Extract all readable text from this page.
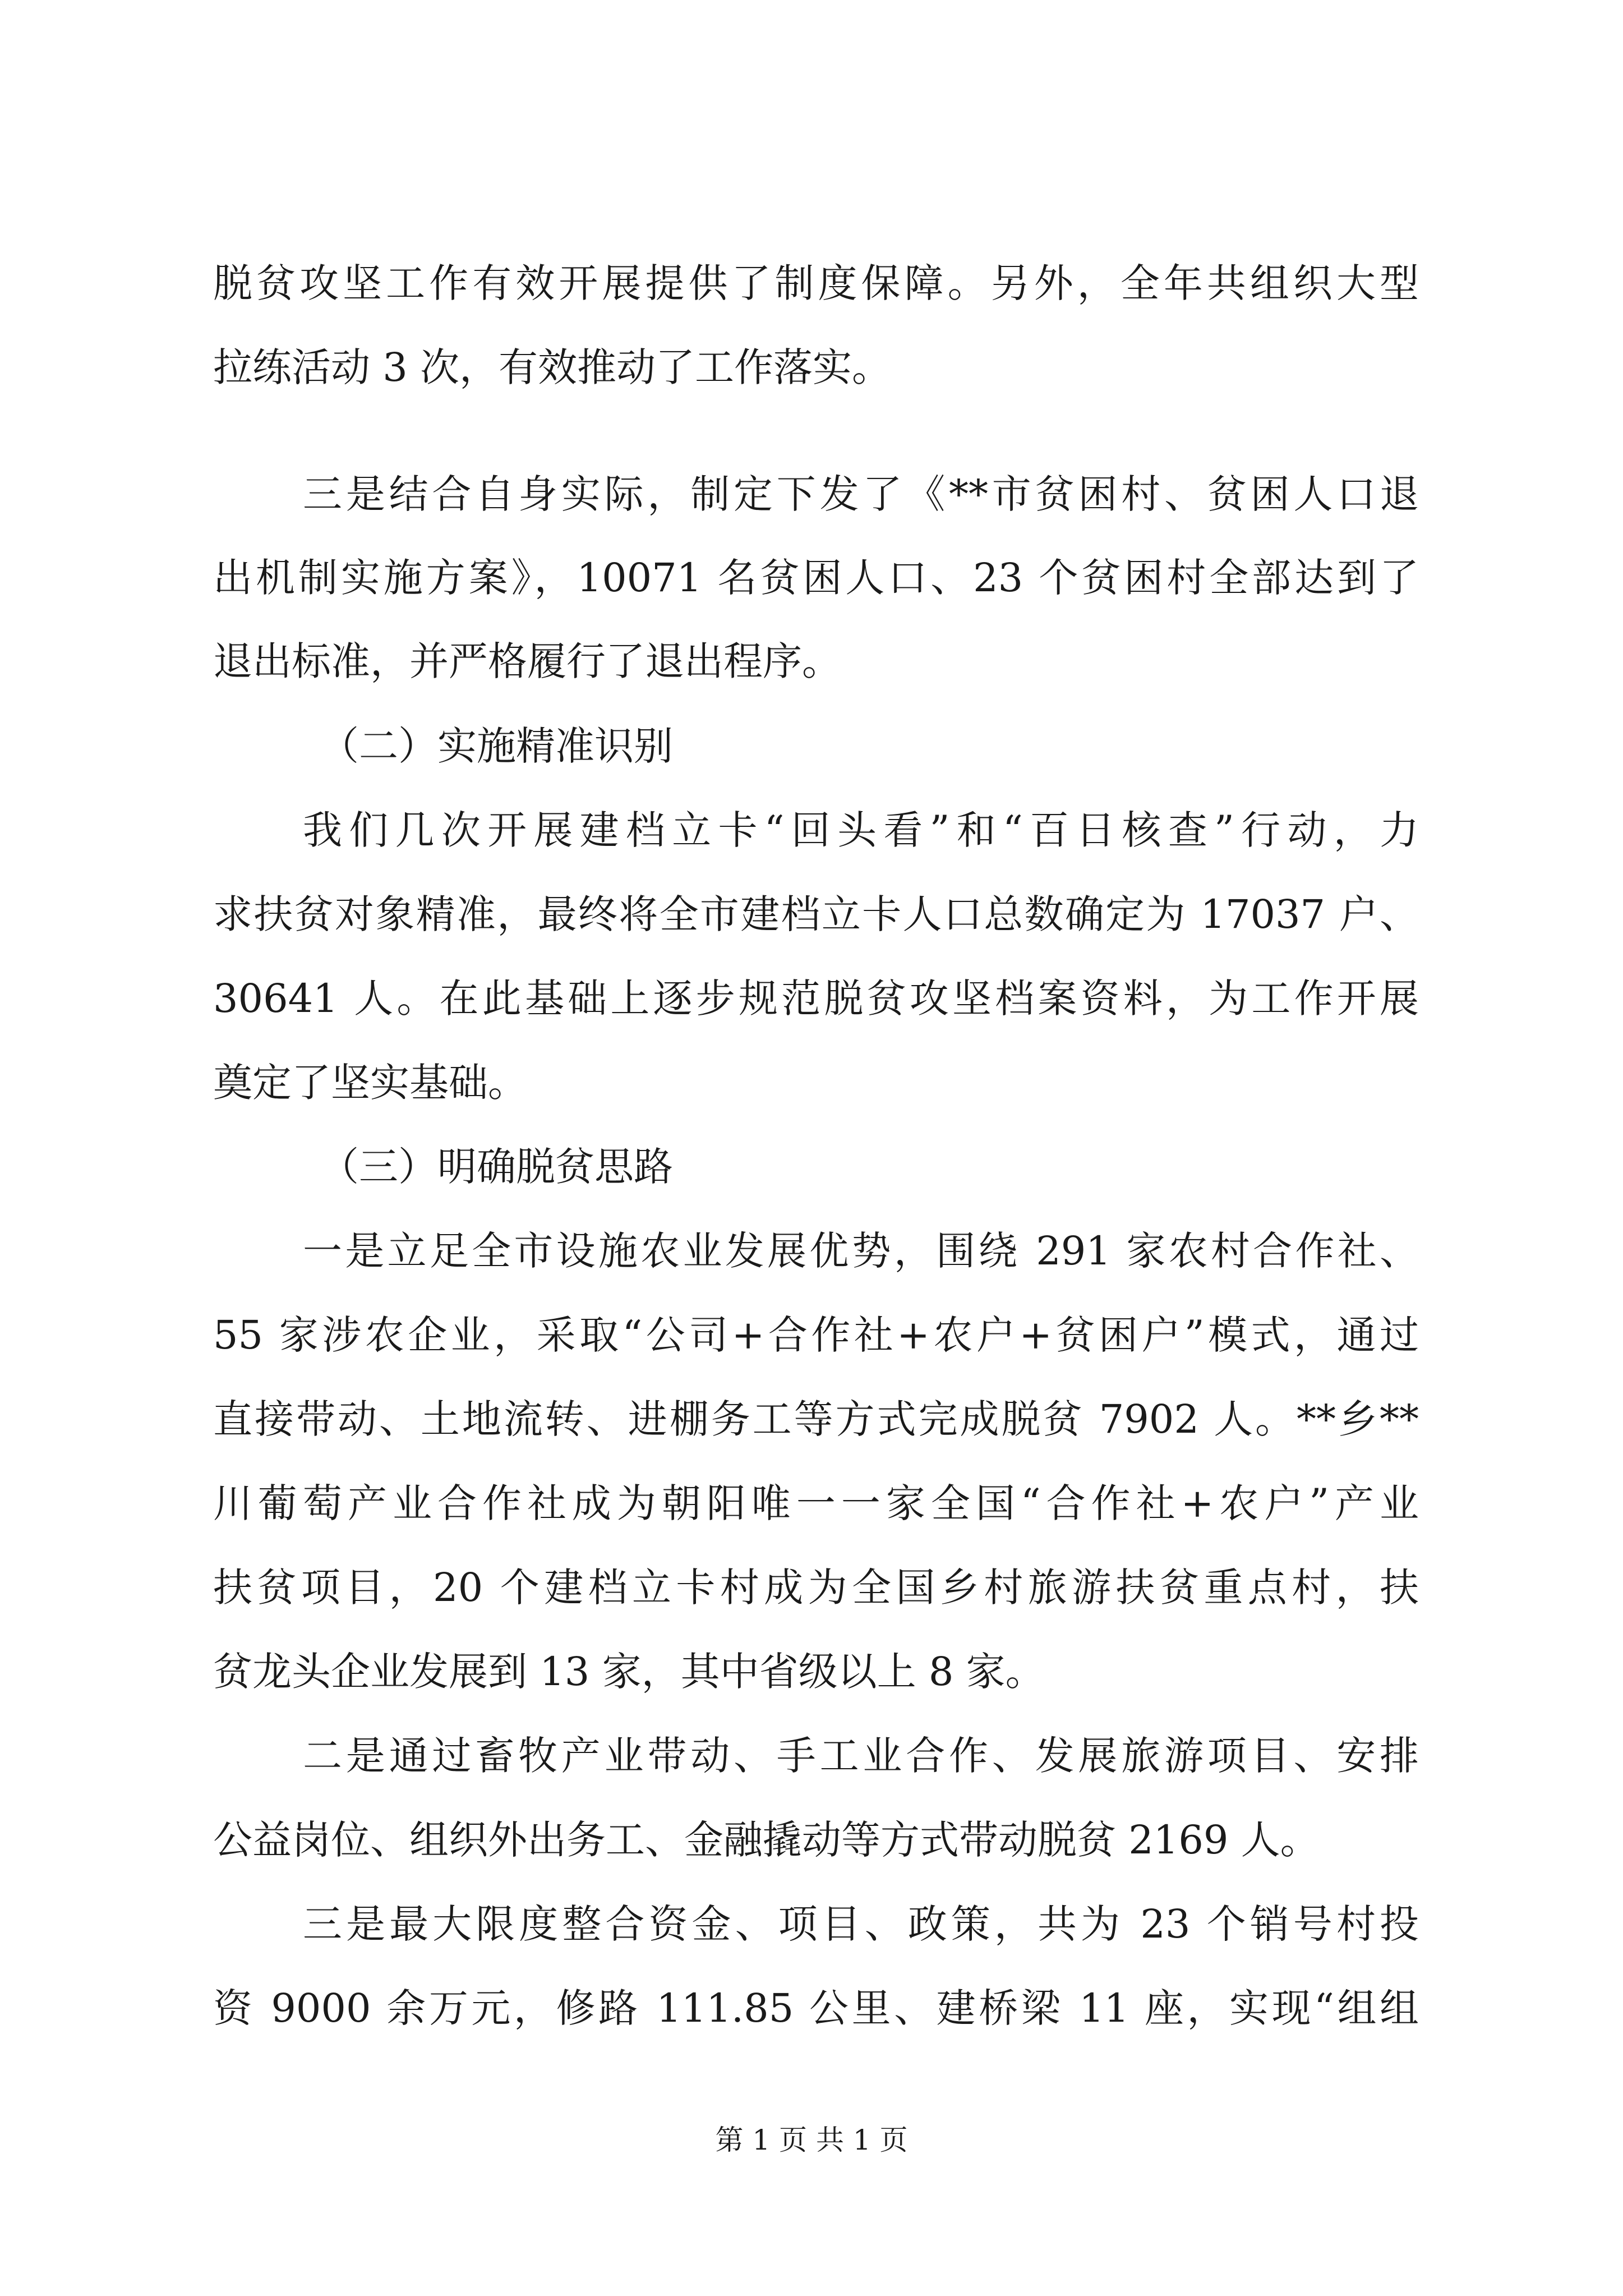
脱贫攻坚工作有效开展提供了制度保障。另外，全年共组织大型
拉练活动 3 次，有效推动了工作落实。
三是结合自身实际，制定下发了《**市贫困村、贫困人口退
出机制实施方案》，10071 名贫困人口、23 个贫困村全部达到了
退出标准，并严格履行了退出程序。
（二）实施精准识别
我们几次开展建档立卡“回头看”和“百日核查”行动，力
求扶贫对象精准，最终将全市建档立卡人口总数确定为 17037 户、
30641 人。在此基础上逐步规范脱贫攻坚档案资料，为工作开展
奠定了坚实基础。
（三）明确脱贫思路
一是立足全市设施农业发展优势，围绕 291 家农村合作社、
55 家涉农企业，采取“公司+合作社+农户+贫困户”模式，通过
直接带动、土地流转、进棚务工等方式完成脱贫 7902 人。**乡**
川葡萄产业合作社成为朝阳唯一一家全国“合作社+农户”产业
扶贫项目，20 个建档立卡村成为全国乡村旅游扶贫重点村，扶
贫龙头企业发展到 13 家，其中省级以上 8 家。
二是通过畜牧产业带动、手工业合作、发展旅游项目、安排
公益岗位、组织外出务工、金融撬动等方式带动脱贫 2169 人。
三是最大限度整合资金、项目、政策，共为 23 个销号村投
资 9000 余万元，修路 111.85 公里、建桥梁 11 座，实现“组组
第 1 页 共 1 页
